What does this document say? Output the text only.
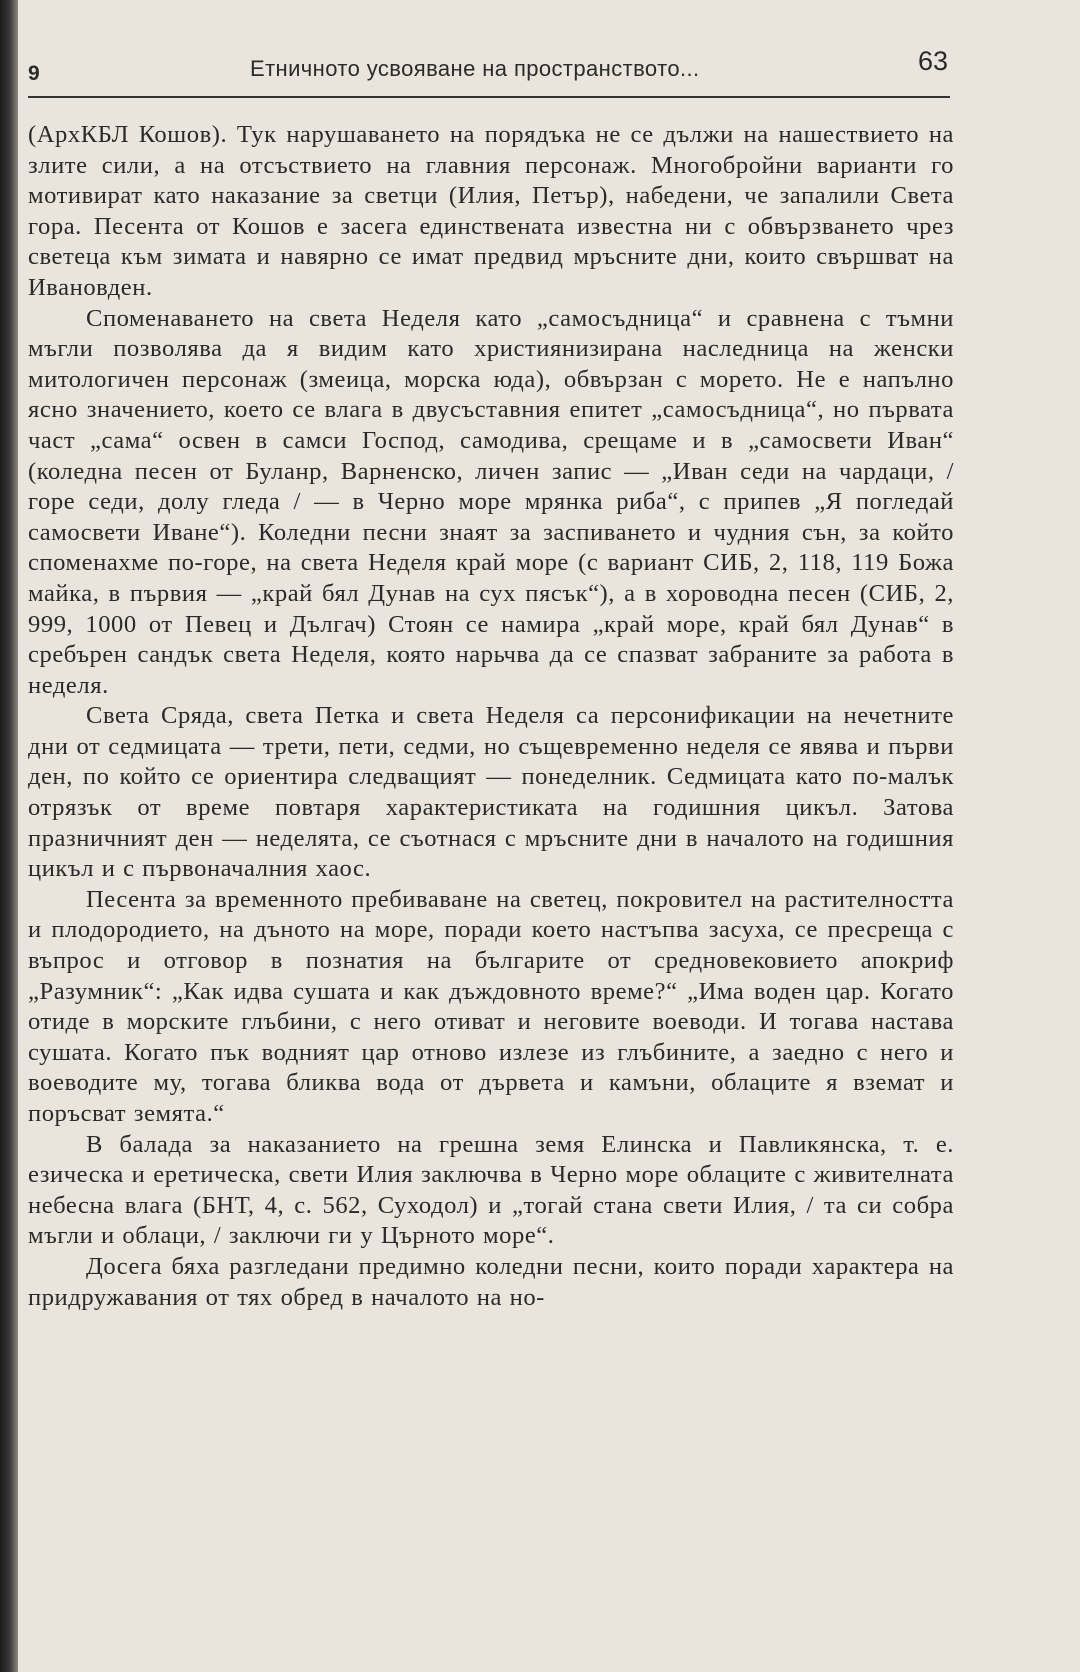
9	Етничното усвояване на пространството...	63

(АрхКБЛ Кошов). Тук нарушаването на порядъка не се дължи на нашествието на злите сили, а на отсъствието на главния персонаж. Многобройни варианти го мотивират като наказание за светци (Илия, Петър), набедени, че запалили Света гора. Песента от Кошов е засега единствената известна ни с обвързването чрез светеца към зимата и навярно се имат предвид мръсните дни, които свършват на Ивановден.

Споменаването на света Неделя като „самосъдница“ и сравнена с тъмни мъгли позволява да я видим като християнизирана наследница на женски митологичен персонаж (змеица, морска юда), обвързан с морето. Не е напълно ясно значението, което се влага в двусъставния епитет „самосъдница“, но първата част „сама“ освен в самси Господ, самодива, срещаме и в „самосвети Иван“ (коледна песен от Буланр, Варненско, личен запис — „Иван седи на чардаци, / горе седи, долу гледа / — в Черно море мрянка риба“, с припев „Я погледай самосвети Иване“). Коледни песни знаят за заспиването и чудния сън, за който споменахме по-горе, на света Неделя край море (с вариант СИБ, 2, 118, 119 Божа майка, в първия — „край бял Дунав на сух пясък“), а в хороводна песен (СИБ, 2, 999, 1000 от Певец и Дългач) Стоян се намира „край море, край бял Дунав“ в сребърен сандък света Неделя, която нарьчва да се спазват забраните за работа в неделя.

Света Сряда, света Петка и света Неделя са персонификации на нечетните дни от седмицата — трети, пети, седми, но същевременно неделя се явява и първи ден, по който се ориентира следващият — понеделник. Седмицата като по-малък отрязък от време повтаря характеристиката на годишния цикъл. Затова празничният ден — неделята, се съотнася с мръсните дни в началото на годишния цикъл и с първоначалния хаос.

Песента за временното пребиваване на светец, покровител на растителността и плодородието, на дъното на море, поради което настъпва засуха, се пресреща с въпрос и отговор в познатия на българите от средновековието апокриф „Разумник“: „Как идва сушата и как дъждовното време?“ „Има воден цар. Когато отиде в морските глъбини, с него отиват и неговите воеводи. И тогава настава сушата. Когато пък водният цар отново излезе из глъбините, а заедно с него и воеводите му, тогава бликва вода от дървета и камъни, облаците я вземат и поръсват земята.“

В балада за наказанието на грешна земя Елинска и Павликянска, т. е. езическа и еретическа, свети Илия заключва в Черно море облаците с живителната небесна влага (БНТ, 4, с. 562, Суходол) и „тогай стана свети Илия, / та си собра мъгли и облаци, / заключи ги у Църното море“.

Досега бяха разгледани предимно коледни песни, които поради характера на придружавания от тях обред в началото на но-
